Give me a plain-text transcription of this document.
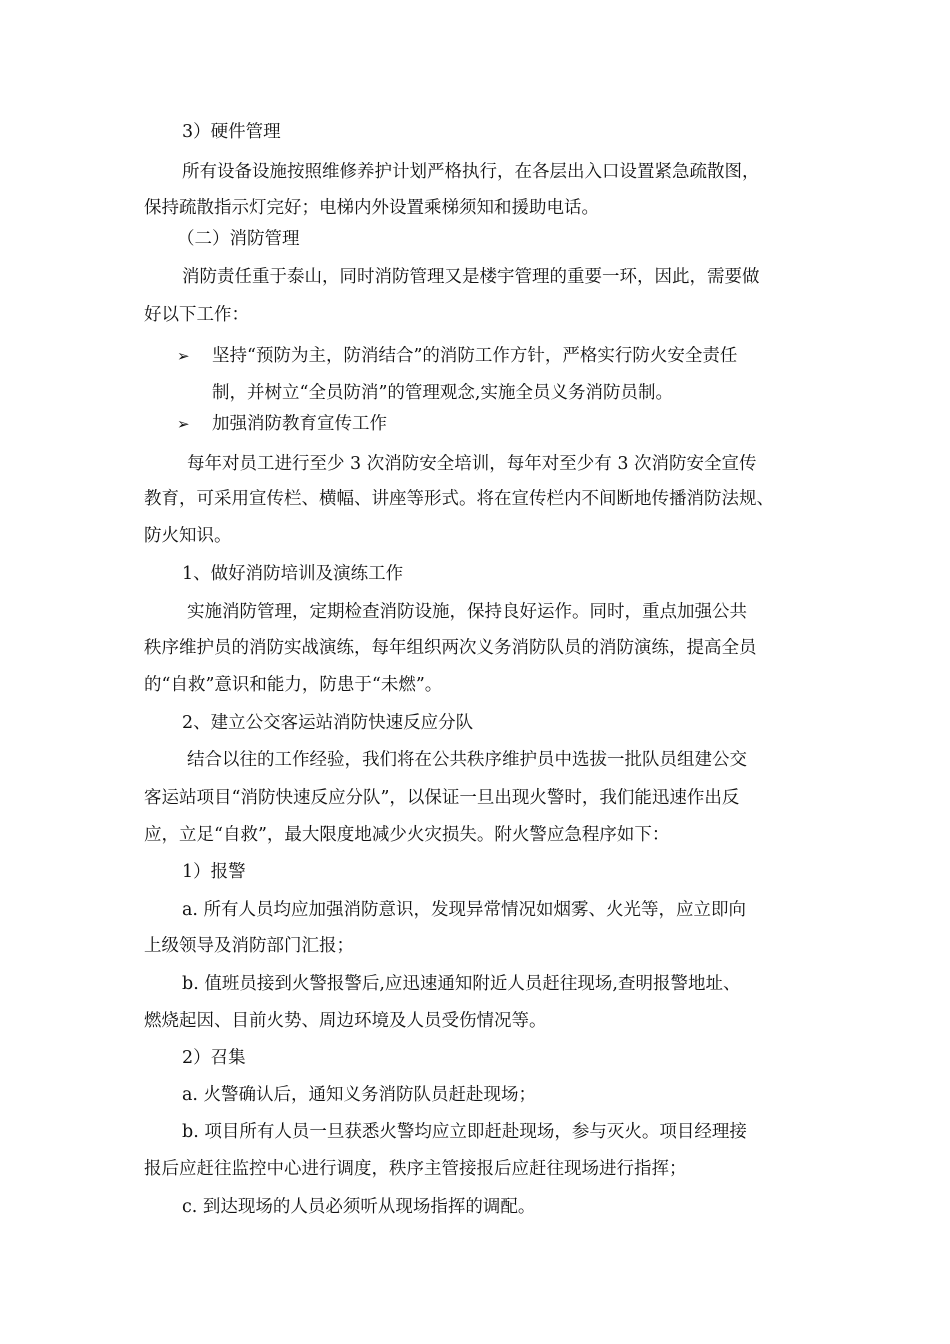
3）硬件管理
所有设备设施按照维修养护计划严格执行，在各层出入口设置紧急疏散图，
保持疏散指示灯完好；电梯内外设置乘梯须知和援助电话。
（二）消防管理
消防责任重于泰山，同时消防管理又是楼宇管理的重要一环，因此，需要做
好以下工作：
➢ 坚持“预防为主，防消结合”的消防工作方针，严格实行防火安全责任
制，并树立“全员防消”的管理观念,实施全员义务消防员制。
➢ 加强消防教育宣传工作
每年对员工进行至少 3 次消防安全培训，每年对至少有 3 次消防安全宣传
教育，可采用宣传栏、横幅、讲座等形式。将在宣传栏内不间断地传播消防法规、
防火知识。
1、做好消防培训及演练工作
实施消防管理，定期检查消防设施，保持良好运作。同时，重点加强公共
秩序维护员的消防实战演练，每年组织两次义务消防队员的消防演练，提高全员
的“自救”意识和能力，防患于“未燃”。
2、建立公交客运站消防快速反应分队
结合以往的工作经验，我们将在公共秩序维护员中选拔一批队员组建公交
客运站项目“消防快速反应分队”，以保证一旦出现火警时，我们能迅速作出反
应，立足“自救”，最大限度地减少火灾损失。附火警应急程序如下：
1）报警
a. 所有人员均应加强消防意识，发现异常情况如烟雾、火光等，应立即向
上级领导及消防部门汇报；
b. 值班员接到火警报警后,应迅速通知附近人员赶往现场,查明报警地址、
燃烧起因、目前火势、周边环境及人员受伤情况等。
2）召集
a. 火警确认后，通知义务消防队员赶赴现场；
b. 项目所有人员一旦获悉火警均应立即赶赴现场，参与灭火。项目经理接
报后应赶往监控中心进行调度，秩序主管接报后应赶往现场进行指挥；
c. 到达现场的人员必须听从现场指挥的调配。
